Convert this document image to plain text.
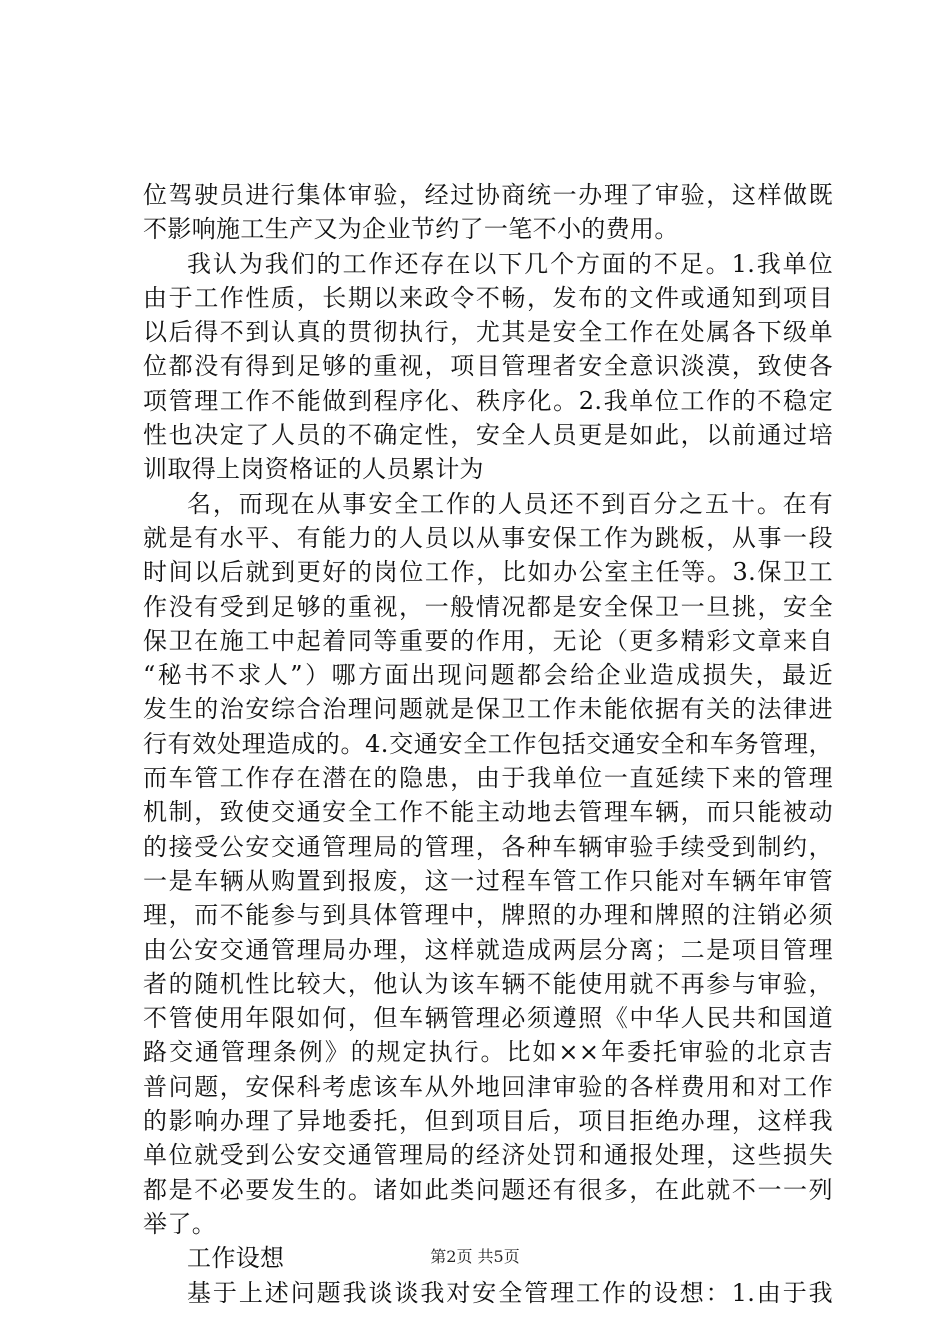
位驾驶员进行集体审验，经过协商统一办理了审验，这样做既
不影响施工生产又为企业节约了一笔不小的费用。
我认为我们的工作还存在以下几个方面的不足。1.我单位
由于工作性质，长期以来政令不畅，发布的文件或通知到项目
以后得不到认真的贯彻执行，尤其是安全工作在处属各下级单
位都没有得到足够的重视，项目管理者安全意识淡漠，致使各
项管理工作不能做到程序化、秩序化。2.我单位工作的不稳定
性也决定了人员的不确定性，安全人员更是如此，以前通过培
训取得上岗资格证的人员累计为
名，而现在从事安全工作的人员还不到百分之五十。在有
就是有水平、有能力的人员以从事安保工作为跳板，从事一段
时间以后就到更好的岗位工作，比如办公室主任等。3.保卫工
作没有受到足够的重视，一般情况都是安全保卫一旦挑，安全
保卫在施工中起着同等重要的作用，无论（更多精彩文章来自
“秘书不求人”）哪方面出现问题都会给企业造成损失，最近
发生的治安综合治理问题就是保卫工作未能依据有关的法律进
行有效处理造成的。4.交通安全工作包括交通安全和车务管理，
而车管工作存在潜在的隐患，由于我单位一直延续下来的管理
机制，致使交通安全工作不能主动地去管理车辆，而只能被动
的接受公安交通管理局的管理，各种车辆审验手续受到制约，
一是车辆从购置到报废，这一过程车管工作只能对车辆年审管
理，而不能参与到具体管理中，牌照的办理和牌照的注销必须
由公安交通管理局办理，这样就造成两层分离；二是项目管理
者的随机性比较大，他认为该车辆不能使用就不再参与审验，
不管使用年限如何，但车辆管理必须遵照《中华人民共和国道
路交通管理条例》的规定执行。比如××年委托审验的北京吉
普问题，安保科考虑该车从外地回津审验的各样费用和对工作
的影响办理了异地委托，但到项目后，项目拒绝办理，这样我
单位就受到公安交通管理局的经济处罚和通报处理，这些损失
都是不必要发生的。诸如此类问题还有很多，在此就不一一列
举了。
工作设想
基于上述问题我谈谈我对安全管理工作的设想：1.由于我
第2页 共5页
